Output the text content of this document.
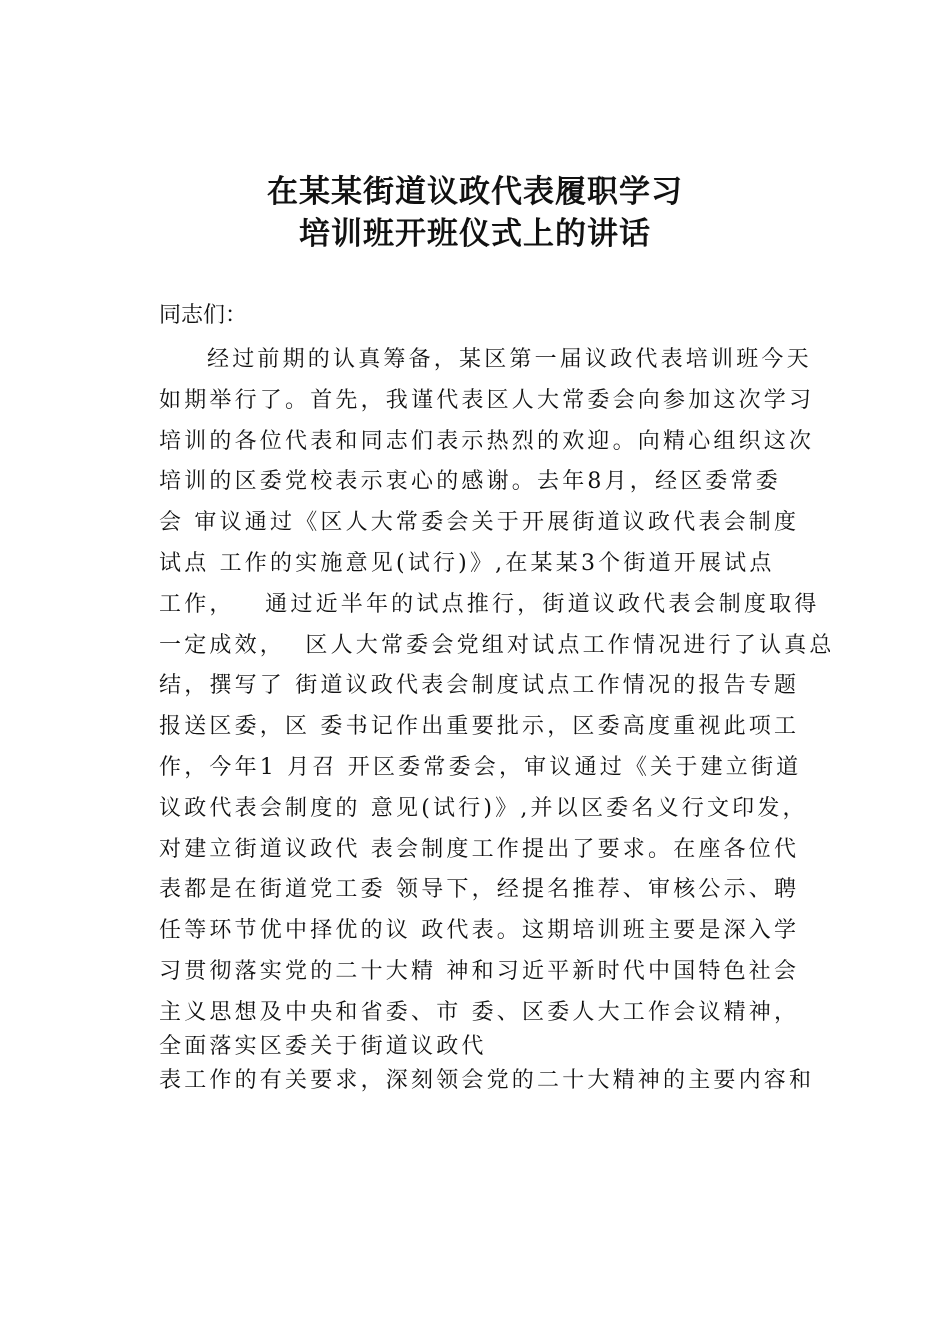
在某某街道议政代表履职学习
培训班开班仪式上的讲话
同志们：
经过前期的认真筹备，某区第一届议政代表培训班今天
如期举行了。首先，我谨代表区人大常委会向参加这次学习
培训的各位代表和同志们表示热烈的欢迎。向精心组织这次
培训的区委党校表示衷心的感谢。去年8月，经区委常委
会 审议通过《区人大常委会关于开展街道议政代表会制度
试点 工作的实施意见(试行)》,在某某3个街道开展试点
工作，   通过近半年的试点推行，街道议政代表会制度取得
一定成效，  区人大常委会党组对试点工作情况进行了认真总
结，撰写了 街道议政代表会制度试点工作情况的报告专题
报送区委，区 委书记作出重要批示，区委高度重视此项工
作，今年1 月召 开区委常委会，审议通过《关于建立街道
议政代表会制度的 意见(试行)》,并以区委名义行文印发，
对建立街道议政代 表会制度工作提出了要求。在座各位代
表都是在街道党工委 领导下，经提名推荐、审核公示、聘
任等环节优中择优的议 政代表。这期培训班主要是深入学
习贯彻落实党的二十大精 神和习近平新时代中国特色社会
主义思想及中央和省委、市 委、区委人大工作会议精神，
全面落实区委关于街道议政代
表工作的有关要求，深刻领会党的二十大精神的主要内容和
